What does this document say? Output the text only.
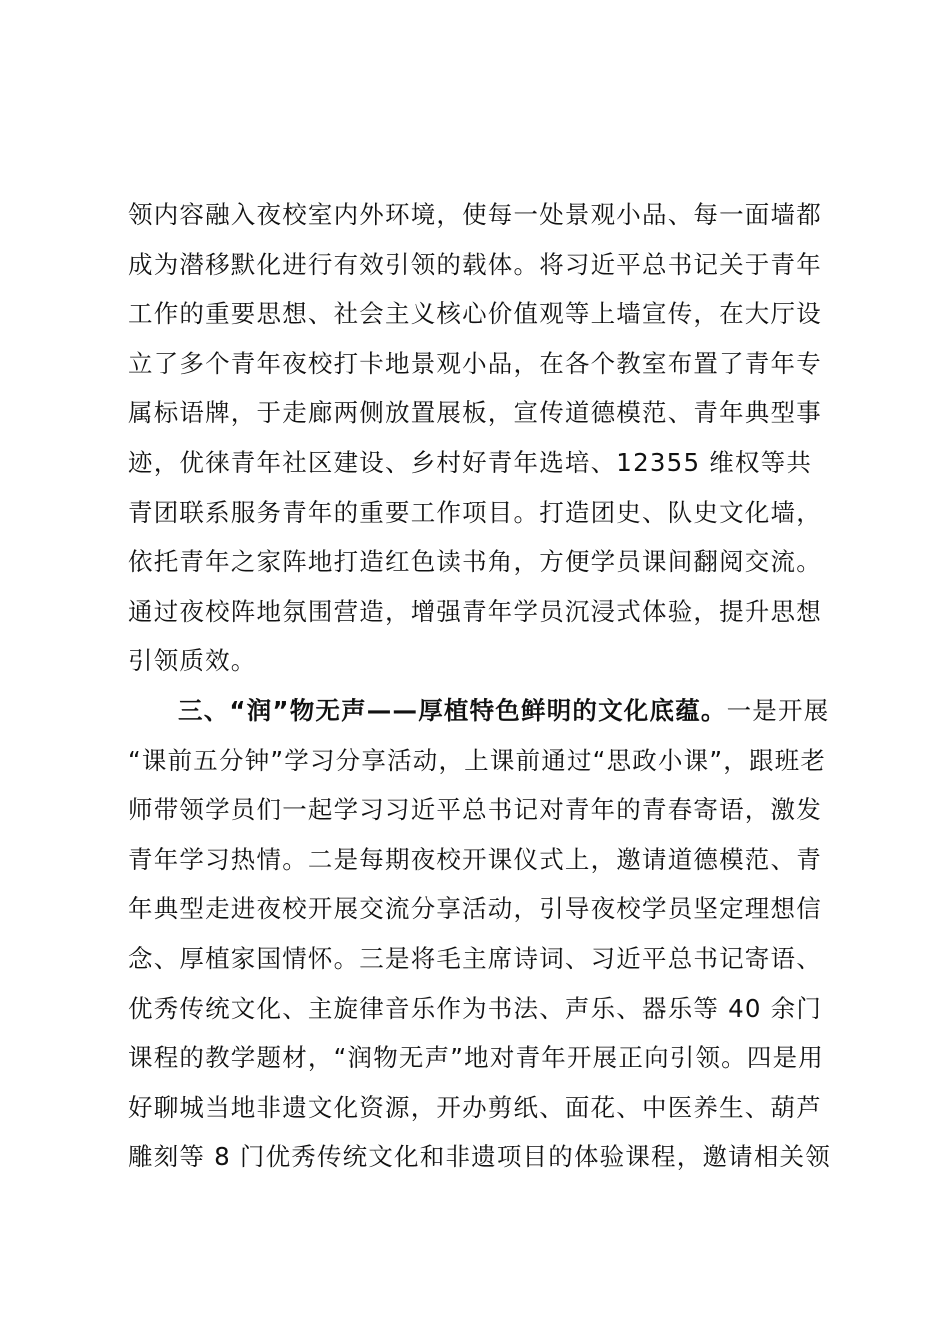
领内容融入夜校室内外环境，使每一处景观小品、每一面墙都
成为潜移默化进行有效引领的载体。将习近平总书记关于青年
工作的重要思想、社会主义核心价值观等上墙宣传，在大厅设
立了多个青年夜校打卡地景观小品，在各个教室布置了青年专
属标语牌，于走廊两侧放置展板，宣传道德模范、青年典型事
迹，优徕青年社区建设、乡村好青年选培、12355 维权等共
青团联系服务青年的重要工作项目。打造团史、队史文化墙，
依托青年之家阵地打造红色读书角，方便学员课间翻阅交流。
通过夜校阵地氛围营造，增强青年学员沉浸式体验，提升思想
引领质效。
三、“润”物无声——厚植特色鲜明的文化底蕴。一是开展
“课前五分钟”学习分享活动，上课前通过“思政小课”，跟班老
师带领学员们一起学习习近平总书记对青年的青春寄语，激发
青年学习热情。二是每期夜校开课仪式上，邀请道德模范、青
年典型走进夜校开展交流分享活动，引导夜校学员坚定理想信
念、厚植家国情怀。三是将毛主席诗词、习近平总书记寄语、
优秀传统文化、主旋律音乐作为书法、声乐、器乐等 40 余门
课程的教学题材，“润物无声”地对青年开展正向引领。四是用
好聊城当地非遗文化资源，开办剪纸、面花、中医养生、葫芦
雕刻等 8 门优秀传统文化和非遗项目的体验课程，邀请相关领
